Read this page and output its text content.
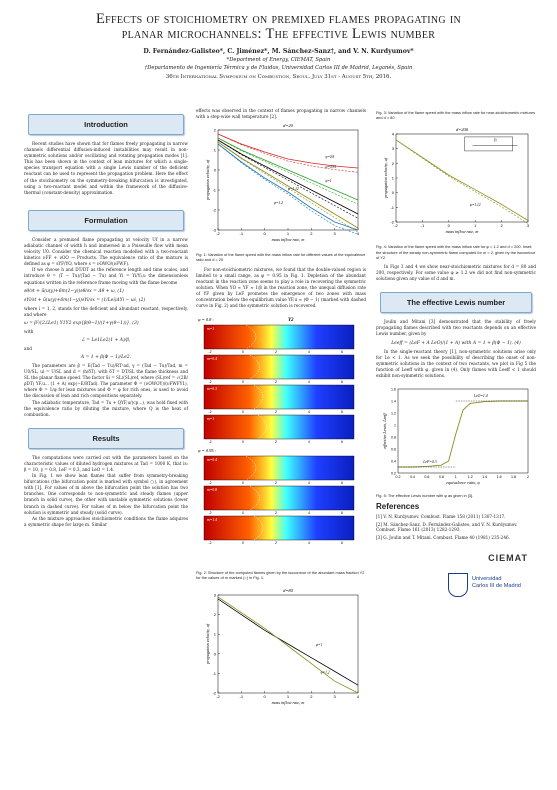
Effects of stoichiometry on premixed flames propagating in
planar microchannels: The effective Lewis number
D. Fernández-Galisteo*, C. Jiménez*, M. Sánchez-Sanz†, and V. N. Kurdyumov*
*Department of Energy, CIEMAT, Spain
†Departamento de Ingeniería Térmica y de Fluidos, Universidad Carlos III de Madrid, Leganés, Spain
36th International Symposium on Combustion, Seoul. July 31st - August 5th, 2016.
Introduction

Recent studies have shown that for flames freely propagating in narrow channels differential diffusion-induced instabilities may result in non-symmetric solutions and/or oscillating and rotating propagation modes [1]. This has been shown in the context of lean mixtures for which a single-species transport equation with a single Lewis number of the deficient reactant can be used to represent the propagation problem. Here the effect of the stoichiometry on the symmetry-breaking bifurcation is investigated, using a two-reactant model and within the framework of the diffusive-thermal (constant-density) approximation.

Formulation

Consider a premixed flame propagating at velocity Uf in a narrow adiabatic channel of width h and immersed in a Poiseuille flow with mean velocity U0. Consider the chemical reaction modelled with a two-reactant kinetics νFF + νOO → Products. The equivalence ratio of the mixture is defined as φ = sYF/YO, where s = νOWO/(νFWF).

If we choose h and DT/DT as the reference length and time scales, and introduce θ = (T − Tu)/(Tad − Tu) and Yi = Yi/Yi,u the dimensionless equations written in the reference frame moving with the flame become

∂θ/∂t + ũ(u(y)+6m(1−y))∂θ/∂x = Δθ + ω, (1)
∂Yi/∂t + ũ(u(y)+6m(1−y))∂Yi/∂x = (1/Lei)ΔYi − ωi, (2)

where i = 1, 2, stands for the deficient and abundant reactant, respectively, and where

ω = β²/(2ℒLe1) Y1Y2 exp{β(θ−1)/(1+γ(θ−1))}, (3)

with

ℒ = Le1Le2(1 + A)/β,

and

A = 1 + β(Φ − 1)/Le2.

The parameters are β = E(Tad − Tu)/RT²ad, γ = (Tad − Tu)/Tad, m = U0/SL, ui = U/SL and d = (h/δT). with δT = DT/SL the flame thickness and SL the planar flame speed. The factor ũi = SL/(SL)ref, where (SL)ref = √(2B/ρDT) YF,u... (1 + A) exp(−E/RTad). The parameter Φ = (νOWOY)/(νFWFY1), where Φ = 1/φ for lean mixtures and Φ = φ for rich ones, is used to avoid the discussion of lean and rich compositions separately.

The adiabatic temperature, Tad = Tu + QYF,u/(cp...), was hold fixed with the equivalence ratio by diluting the mixture, where Q is the heat of combustion.

Results

The computations were carried out with the parameters based on the characteristic values of diluted hydrogen mixtures at Tad = 1000 K, that is: β = 10, γ = 0.8, LeF = 0.3, and LeO = 1.4.

In Fig. 1 we show lean flames that suffer from symmetry-breaking bifurcations (the bifurcation point is marked with symbol ○), in agreement with [1]. For values of m above the bifurcation point the solution has two branches. One corresponds to non-symmetric and steady flames (upper branch in solid curve), the other with unstable symmetric solutions (lower branch in dashed curve). For values of m below the bifurcation point the solution is symmetric and steady (solid curve).

As the mixture approaches stoichiometric conditions the flame adquires a symmetric shape for large m. Similar

effects was observed in the context of flames propagating in narrow channels with a step-wise wall temperature [2].

-2	-1	0	1	2	3	4
-3
-2
-1
0
1
2
mass inflow rate, m
propagation velocity, uf
d=20
φ=0.8
φ=1
φ=0.95
φ=1.12
φ=1.2

Fig. 1: Variation of the flame speed with the mass inflow rate for different values of the equivalence ratio and d = 20

For non-stoichiometric mixtures, we found that the double-valued region is limited to a small range, as φ = 0.95 in Fig. 1. Depletion of the abundant reactant in the reaction zone seems to play a role in recovering the symmetric solution. When YO ≈ YF ≈ 1/β in the reaction zone, the unequal diffusion rate of YF given by LeF promotes the emergence of two zones with mass concentration below the equilibrium value YF,u ≈ (Φ − 1) (marked with dashed curve in Fig. 2) and the symmetric solution is recovered.

φ = 0.8 :	Y2
m=1
-2	0	2	4	6
m=0.4
-2	0	2	4	6
m=0.3
-2	0	2	4	6
m=1
-2	0	2	4	6
φ = 0.95 :
m=0.4
-2	0	2	4	6
m=0.8
-2	0	2	4	6
m=1.4
-2	0	2	4	6

Fig. 2: Structure of the computed flames given by the isocontour of the abundant mass fraction Y2 for the values of m marked (○) in Fig. 1.

-2	-1	0	1	2	3	4
-2
-1
0
1
2
3
mass inflow rate, m
propagation velocity, uf
d=80
φ=1
φ=1.2

Fig. 3: Variation of the flame speed with the mass inflow rate for near-stoichiometric mixtures and d = 80

-2	-1	0	1	2	3
-2
-1
0
1
2
3
4
mass inflow rate, m
propagation velocity, uf
d=200
Yt
φ=1.12

Fig. 4: Variation of the flame speed with the mass inflow rate for φ = 1.2 and d = 200. Inset: the structure of the steady non-symmetric flame computed for m = 2, given by the isocontour of Y2.

In Figs 3 and 4 we show near-stoichiometric mixtures for d = 80 and 200, respectively. For some value φ ≳ 1.2 we did not find non-symmetric solutions given any value of d and m.

The effective Lewis number

Joulin and Mitani [3] demonstrated that the stability of freely propagating flames described with two reactants depends on an effective Lewis number, given by

Leeff = (LeF + A LeO)/(1 + A) with A = 1 + β(Φ − 1). (4)

In the single-reactant theory [1], non-symmetric solutions arise only for Le < 1. As we seek the possibility of describing the onset of non-symmetric solutions in the context of two reactants, we plot in Fig 5 the function of Leeff with φ, given in (4). Only flames with Leeff < 1 should exhibit non-symmetric solutions.

0.2	0.4	0.6	0.8	1	1.2	1.4	1.6	1.8	2
0.2
0.4
0.6
0.8
1
1.2
1.4
1.6
equivalence ratio, φ
effective Lewis, Leeff
LeO=1.4
LeF=0.3

Fig. 5: The effective Lewis number with φ as given in [3].

References

[1] V. N. Kurdyumov. Combust. Flame 158 (2011) 1307-1317.

[2] M. Sánchez-Sanz, D. Fernández-Galisteo, and V. N. Kurdyumov. Combust. Flame 161 (2013) 1282-1293.

[3] G. Joulin and T. Mitani. Combust. Flame 40 (1981) 235-246.

CIEMAT
Universidad
Carlos III de Madrid
